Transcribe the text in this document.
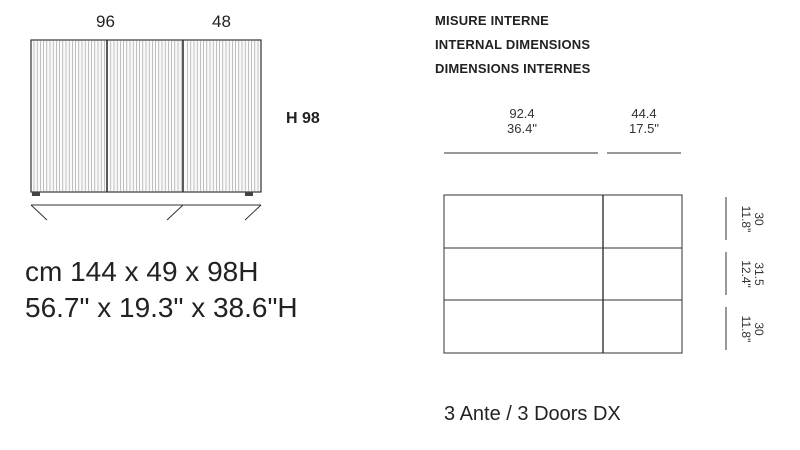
96	48
H 98
cm 144 x 49 x 98H
56.7" x 19.3" x 38.6"H
MISURE INTERNE
INTERNAL DIMENSIONS
DIMENSIONS INTERNES
92.4
36.4"
44.4
17.5"
30
11.8"
31.5
12.4"
30
11.8"
3 Ante / 3 Doors DX
